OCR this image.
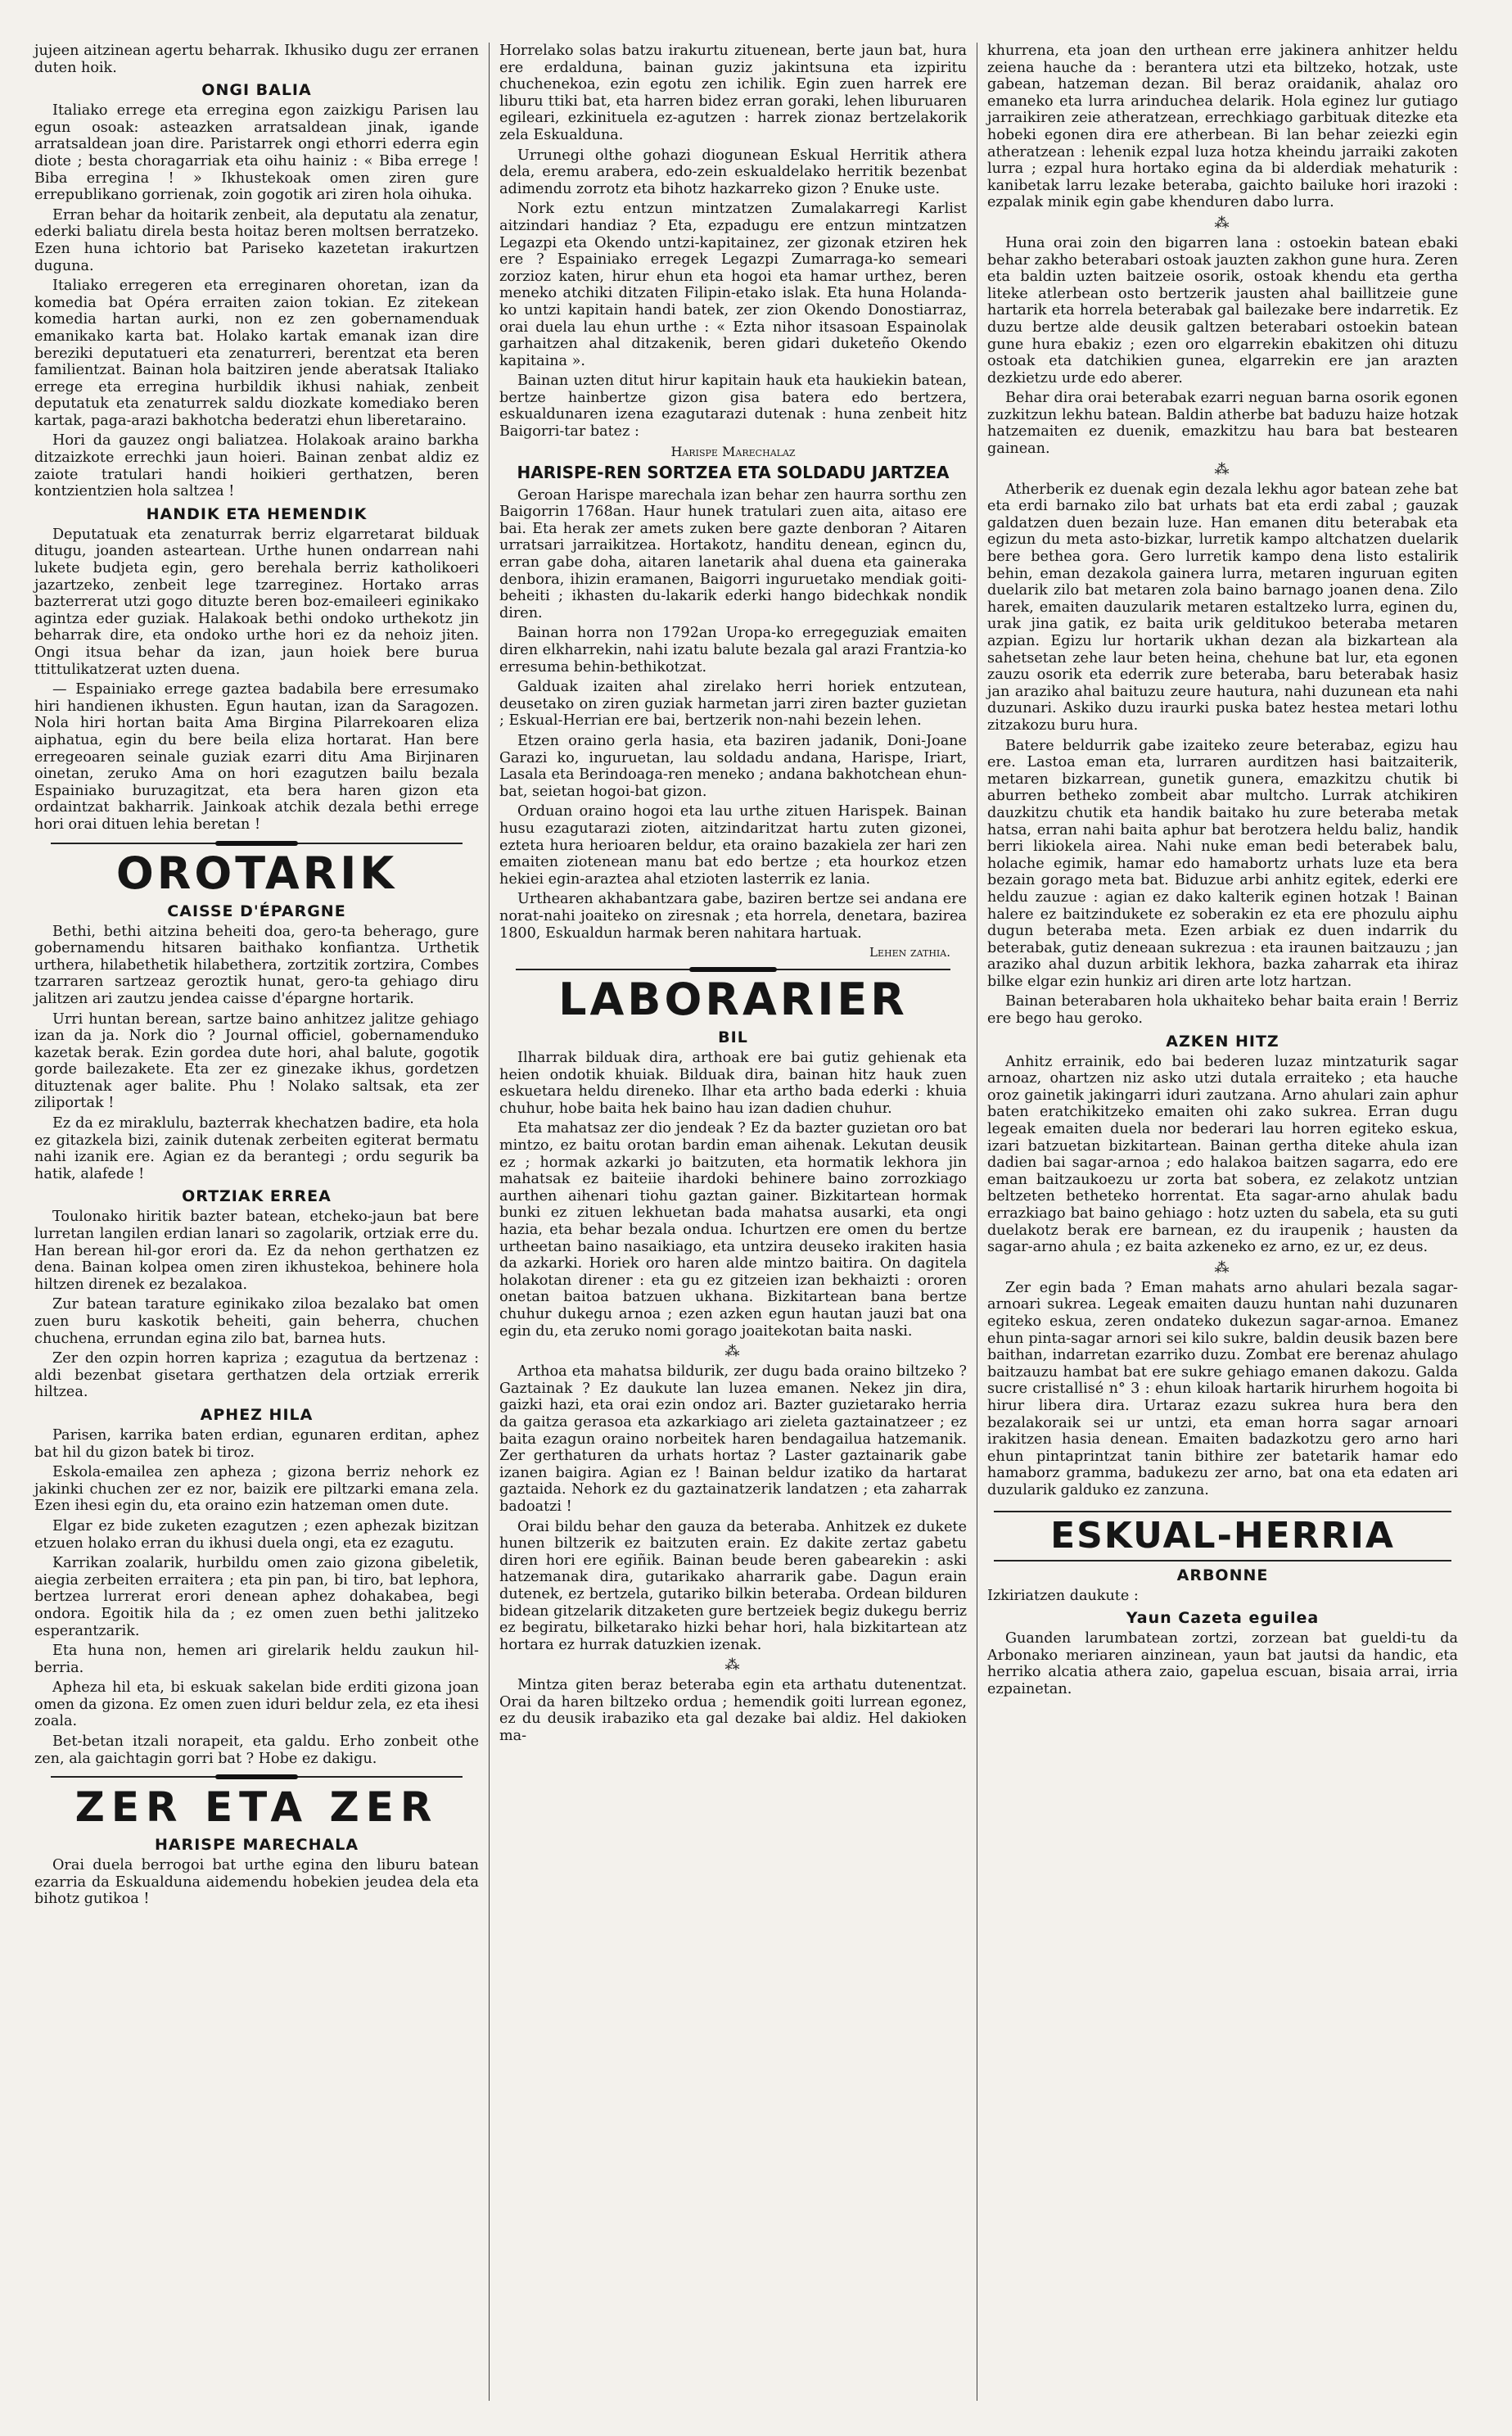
jujeen aitzinean agertu beharrak. Ikhusiko dugu zer erranen duten hoik.

ONGI BALIA

Italiako errege eta erregina egon zaizkigu Parisen lau egun osoak: asteazken arratsaldean jinak, igande arratsaldean joan dire. Paristarrek ongi ethorri ederra egin diote ; besta choragarriak eta oihu hainiz : « Biba errege ! Biba erregina ! » Ikhustekoak omen ziren gure errepublikano gorrienak, zoin gogotik ari ziren hola oihuka.

Erran behar da hoitarik zenbeit, ala deputatu ala zenatur, ederki baliatu direla besta hoitaz beren moltsen berratzeko. Ezen huna ichtorio bat Pariseko kazetetan irakurtzen duguna.

Italiako erregeren eta erreginaren ohoretan, izan da komedia bat Opéra erraiten zaion tokian. Ez zitekean komedia hartan aurki, non ez zen gobernamenduak emanikako karta bat. Holako kartak emanak izan dire bereziki deputatueri eta zenaturreri, berentzat eta beren familientzat. Bainan hola baitziren jende aberatsak Italiako errege eta erregina hurbildik ikhusi nahiak, zenbeit deputatuk eta zenaturrek saldu diozkate komediako beren kartak, paga-arazi bakhotcha bederatzi ehun liberetaraino.

Hori da gauzez ongi baliatzea. Holakoak araino barkha ditzaizkote errechki jaun hoieri. Bainan zenbat aldiz ez zaiote tratulari handi hoikieri gerthatzen, beren kontzientzien hola saltzea !

HANDIK ETA HEMENDIK

Deputatuak eta zenaturrak berriz elgarretarat bilduak ditugu, joanden asteartean. Urthe hunen ondarrean nahi lukete budjeta egin, gero berehala berriz katholikoeri jazartzeko, zenbeit lege tzarreginez. Hortako arras bazterrerat utzi gogo dituzte beren boz-emaileeri eginikako agintza eder guziak. Halakoak bethi ondoko urthekotz jin beharrak dire, eta ondoko urthe hori ez da nehoiz jiten. Ongi itsua behar da izan, jaun hoiek bere burua ttittulikatzerat uzten duena.

— Espainiako errege gaztea badabila bere erresumako hiri handienen ikhusten. Egun hautan, izan da Saragozen. Nola hiri hortan baita Ama Birgina Pilarrekoaren eliza aiphatua, egin du bere beila eliza hortarat. Han bere erregeoaren seinale guziak ezarri ditu Ama Birjinaren oinetan, zeruko Ama on hori ezagutzen bailu bezala Espainiako buruzagitzat, eta bera haren gizon eta ordaintzat bakharrik. Jainkoak atchik dezala bethi errege hori orai dituen lehia beretan !

OROTARIK
CAISSE D'ÉPARGNE

Bethi, bethi aitzina beheiti doa, gero-ta beherago, gure gobernamendu hitsaren baithako konfiantza. Urthetik urthera, hilabethetik hilabethera, zortzitik zortzira, Combes tzarraren sartzeaz geroztik hunat, gero-ta gehiago diru jalitzen ari zautzu jendea caisse d'épargne hortarik.

Urri huntan berean, sartze baino anhitzez jalitze gehiago izan da ja. Nork dio ? Journal officiel, gobernamenduko kazetak berak. Ezin gordea dute hori, ahal balute, gogotik gorde bailezakete. Eta zer ez ginezake ikhus, gordetzen dituztenak ager balite. Phu ! Nolako saltsak, eta zer ziliportak !

Ez da ez miraklulu, bazterrak khechatzen badire, eta hola ez gitazkela bizi, zainik dutenak zerbeiten egiterat bermatu nahi izanik ere. Agian ez da berantegi ; ordu segurik ba hatik, alafede !

ORTZIAK ERREA

Toulonako hiritik bazter batean, etcheko-jaun bat bere lurretan langilen erdian lanari so zagolarik, ortziak erre du. Han berean hil-gor erori da. Ez da nehon gerthatzen ez dena. Bainan kolpea omen ziren ikhustekoa, behinere hola hiltzen direnek ez bezalakoa.

Zur batean tarature eginikako ziloa bezalako bat omen zuen buru kaskotik beheiti, gain beherra, chuchen chuchena, errundan egina zilo bat, barnea huts.

Zer den ozpin horren kapriza ; ezagutua da bertzenaz : aldi bezenbat gisetara gerthatzen dela ortziak errerik hiltzea.

APHEZ HILA

Parisen, karrika baten erdian, egunaren erditan, aphez bat hil du gizon batek bi tiroz.

Eskola-emailea zen apheza ; gizona berriz nehork ez jakinki chuchen zer ez nor, baizik ere piltzarki emana zela. Ezen ihesi egin du, eta oraino ezin hatzeman omen dute.

Elgar ez bide zuketen ezagutzen ; ezen aphezak bizitzan etzuen holako erran du ikhusi duela ongi, eta ez ezagutu.

Karrikan zoalarik, hurbildu omen zaio gizona gibeletik, aiegia zerbeiten erraitera ; eta pin pan, bi tiro, bat lephora, bertzea lurrerat erori denean aphez dohakabea, begi ondora. Egoitik hila da ; ez omen zuen bethi jalitzeko esperantzarik.

Eta huna non, hemen ari girelarik heldu zaukun hil-berria.

Apheza hil eta, bi eskuak sakelan bide erditi gizona joan omen da gizona. Ez omen zuen iduri beldur zela, ez eta ihesi zoala.

Bet-betan itzali norapeit, eta galdu. Erho zonbeit othe zen, ala gaichtagin gorri bat ? Hobe ez dakigu.

ZER ETA ZER
HARISPE MARECHALA

Orai duela berrogoi bat urthe egina den liburu batean ezarria da Eskualduna aidemendu hobekien jeudea dela eta bihotz gutikoa !

Horrelako solas batzu irakurtu zituenean, berte jaun bat, hura ere erdalduna, bainan guziz jakintsuna eta izpiritu chuchenekoa, ezin egotu zen ichilik. Egin zuen harrek ere liburu ttiki bat, eta harren bidez erran goraki, lehen liburuaren egileari, ezkinituela ez-agutzen : harrek zionaz bertzelakorik zela Eskualduna.

Urrunegi olthe gohazi diogunean Eskual Herritik athera dela, eremu arabera, edo-zein eskualdelako herritik bezenbat adimendu zorrotz eta bihotz hazkarreko gizon ? Enuke uste.

Nork eztu entzun mintzatzen Zumalakarregi Karlist aitzindari handiaz ? Eta, ezpadugu ere entzun mintzatzen Legazpi eta Okendo untzi-kapitainez, zer gizonak etziren hek ere ? Espainiako erregek Legazpi Zumarraga-ko semeari zorzioz katen, hirur ehun eta hogoi eta hamar urthez, beren meneko atchiki ditzaten Filipin-etako islak. Eta huna Holanda-ko untzi kapitain handi batek, zer zion Okendo Donostiarraz, orai duela lau ehun urthe : « Ezta nihor itsasoan Espainolak garhaitzen ahal ditzakenik, beren gidari duketeño Okendo kapitaina ».

Bainan uzten ditut hirur kapitain hauk eta haukiekin batean, bertze hainbertze gizon gisa batera edo bertzera, eskualdunaren izena ezagutarazi dutenak : huna zenbeit hitz Baigorri-tar batez :

Harispe Marechalaz
HARISPE-REN SORTZEA ETA SOLDADU JARTZEA

Geroan Harispe marechala izan behar zen haurra sorthu zen Baigorrin 1768an. Haur hunek tratulari zuen aita, aitaso ere bai. Eta herak zer amets zuken bere gazte denboran ? Aitaren urratsari jarraikitzea. Hortakotz, handitu denean, egincn du, erran gabe doha, aitaren lanetarik ahal duena eta gaineraka denbora, ihizin eramanen, Baigorri inguruetako mendiak goiti-beheiti ; ikhasten du-lakarik ederki hango bidechkak nondik diren.

Bainan horra non 1792an Uropa-ko erregeguziak emaiten diren elkharrekin, nahi izatu balute bezala gal arazi Frantzia-ko erresuma behin-bethikotzat.

Galduak izaiten ahal zirelako herri horiek entzutean, deusetako on ziren guziak harmetan jarri ziren bazter guzietan ; Eskual-Herrian ere bai, bertzerik non-nahi bezein lehen.

Etzen oraino gerla hasia, eta baziren jadanik, Doni-Joane Garazi ko, inguruetan, lau soldadu andana, Harispe, Iriart, Lasala eta Berindoaga-ren meneko ; andana bakhotchean ehun-bat, seietan hogoi-bat gizon.

Orduan oraino hogoi eta lau urthe zituen Harispek. Bainan husu ezagutarazi zioten, aitzindaritzat hartu zuten gizonei, ezteta hura herioaren beldur, eta oraino bazakiela zer hari zen emaiten ziotenean manu bat edo bertze ; eta hourkoz etzen hekiei egin-araztea ahal etzioten lasterrik ez lania.

Urthearen akhabantzara gabe, baziren bertze sei andana ere norat-nahi joaiteko on ziresnak ; eta horrela, denetara, bazirea 1800, Eskualdun harmak beren nahitara hartuak.

Lehen zathia.
LABORARIER
BIL

Ilharrak bilduak dira, arthoak ere bai gutiz gehienak eta heien ondotik khuiak. Bilduak dira, bainan hitz hauk zuen eskuetara heldu direneko. Ilhar eta artho bada ederki : khuia chuhur, hobe baita hek baino hau izan dadien chuhur.

Eta mahatsaz zer dio jendeak ? Ez da bazter guzietan oro bat mintzo, ez baitu orotan bardin eman aihenak. Lekutan deusik ez ; hormak azkarki jo baitzuten, eta hormatik lekhora jin mahatsak ez baiteiie ihardoki behinere baino zorrozkiago aurthen aihenari tiohu gaztan gainer. Bizkitartean hormak bunki ez zituen lekhuetan bada mahatsa ausarki, eta ongi hazia, eta behar bezala ondua. Ichurtzen ere omen du bertze urtheetan baino nasaikiago, eta untzira deuseko irakiten hasia da azkarki. Horiek oro haren alde mintzo baitira. On dagitela holakotan direner : eta gu ez gitzeien izan bekhaizti : ororen onetan baitoa batzuen ukhana. Bizkitartean bana bertze chuhur dukegu arnoa ; ezen azken egun hautan jauzi bat ona egin du, eta zeruko nomi gorago joaitekotan baita naski.

⁂

Arthoa eta mahatsa bildurik, zer dugu bada oraino biltzeko ? Gaztainak ? Ez daukute lan luzea emanen. Nekez jin dira, gaizki hazi, eta orai ezin ondoz ari. Bazter guzietarako herria da gaitza gerasoa eta azkarkiago ari zieleta gaztainatzeer ; ez baita ezagun oraino norbeitek haren bendagailua hatzemanik. Zer gerthaturen da urhats hortaz ? Laster gaztainarik gabe izanen baigira. Agian ez ! Bainan beldur izatiko da hartarat gaztaida. Nehork ez du gaztainatzerik landatzen ; eta zaharrak badoatzi !

Orai bildu behar den gauza da beteraba. Anhitzek ez dukete hunen biltzerik ez baitzuten erain. Ez dakite zertaz gabetu diren hori ere egiñik. Bainan beude beren gabearekin : aski hatzemanak dira, gutarikako aharrarik gabe. Dagun erain dutenek, ez bertzela, gutariko bilkin beteraba. Ordean bilduren bidean gitzelarik ditzaketen gure bertzeiek begiz dukegu berriz ez begiratu, bilketarako hizki behar hori, hala bizkitartean atz hortara ez hurrak datuzkien izenak.

⁂

Mintza giten beraz beteraba egin eta arthatu dutenentzat. Orai da haren biltzeko ordua ; hemendik goiti lurrean egonez, ez du deusik irabaziko eta gal dezake bai aldiz. Hel dakioken ma-

khurrena, eta joan den urthean erre jakinera anhitzer heldu zeiena hauche da : berantera utzi eta biltzeko, hotzak, uste gabean, hatzeman dezan. Bil beraz oraidanik, ahalaz oro emaneko eta lurra arinduchea delarik. Hola eginez lur gutiago jarraikiren zeie atheratzean, errechkiago garbituak ditezke eta hobeki egonen dira ere atherbean. Bi lan behar zeiezki egin atheratzean : lehenik ezpal luza hotza kheindu jarraiki zakoten lurra ; ezpal hura hortako egina da bi alderdiak mehaturik : kanibetak larru lezake beteraba, gaichto bailuke hori irazoki : ezpalak minik egin gabe khenduren dabo lurra.

⁂

Huna orai zoin den bigarren lana : ostoekin batean ebaki behar zakho beterabari ostoak jauzten zakhon gune hura. Zeren eta baldin uzten baitzeie osorik, ostoak khendu eta gertha liteke atlerbean osto bertzerik jausten ahal baillitzeie gune hartarik eta horrela beterabak gal bailezake bere indarretik. Ez duzu bertze alde deusik galtzen beterabari ostoekin batean gune hura ebakiz ; ezen oro elgarrekin ebakitzen ohi dituzu ostoak eta datchikien gunea, elgarrekin ere jan arazten dezkietzu urde edo aberer.

Behar dira orai beterabak ezarri neguan barna osorik egonen zuzkitzun lekhu batean. Baldin atherbe bat baduzu haize hotzak hatzemaiten ez duenik, emazkitzu hau bara bat bestearen gainean.

⁂

Atherberik ez duenak egin dezala lekhu agor batean zehe bat eta erdi barnako zilo bat urhats bat eta erdi zabal ; gauzak galdatzen duen bezain luze. Han emanen ditu beterabak eta egizun du meta asto-bizkar, lurretik kampo altchatzen duelarik bere bethea gora. Gero lurretik kampo dena listo estalirik behin, eman dezakola gainera lurra, metaren inguruan egiten duelarik zilo bat metaren zola baino barnago joanen dena. Zilo harek, emaiten dauzularik metaren estaltzeko lurra, eginen du, urak jina gatik, ez baita urik gelditukoo beteraba metaren azpian. Egizu lur hortarik ukhan dezan ala bizkartean ala sahetsetan zehe laur beten heina, chehune bat lur, eta egonen zauzu osorik eta ederrik zure beteraba, baru beterabak hasiz jan araziko ahal baituzu zeure hautura, nahi duzunean eta nahi duzunari. Askiko duzu iraurki puska batez hestea metari lothu zitzakozu buru hura.

Batere beldurrik gabe izaiteko zeure beterabaz, egizu hau ere. Lastoa eman eta, lurraren aurditzen hasi baitzaiterik, metaren bizkarrean, gunetik gunera, emazkitzu chutik bi aburren betheko zombeit abar multcho. Lurrak atchikiren dauzkitzu chutik eta handik baitako hu zure beteraba metak hatsa, erran nahi baita aphur bat berotzera heldu baliz, handik berri likiokela airea. Nahi nuke eman bedi beterabek balu, holache egimik, hamar edo hamabortz urhats luze eta bera bezain gorago meta bat. Biduzue arbi anhitz egitek, ederki ere heldu zauzue : agian ez dako kalterik eginen hotzak ! Bainan halere ez baitzindukete ez soberakin ez eta ere phozulu aiphu dugun beteraba meta. Ezen arbiak ez duen indarrik du beterabak, gutiz deneaan sukrezua : eta iraunen baitzauzu ; jan araziko ahal duzun arbitik lekhora, bazka zaharrak eta ihiraz bilke elgar ezin hunkiz ari diren arte lotz hartzan.

Bainan beterabaren hola ukhaiteko behar baita erain ! Berriz ere bego hau geroko.

AZKEN HITZ

Anhitz errainik, edo bai bederen luzaz mintzaturik sagar arnoaz, ohartzen niz asko utzi dutala erraiteko ; eta hauche oroz gainetik jakingarri iduri zautzana. Arno ahulari zain aphur baten eratchikitzeko emaiten ohi zako sukrea. Erran dugu legeak emaiten duela nor bederari lau horren egiteko eskua, izari batzuetan bizkitartean. Bainan gertha diteke ahula izan dadien bai sagar-arnoa ; edo halakoa baitzen sagarra, edo ere eman baitzaukoezu ur zorta bat sobera, ez zelakotz untzian beltzeten betheteko horrentat. Eta sagar-arno ahulak badu errazkiago bat baino gehiago : hotz uzten du sabela, eta su guti duelakotz berak ere barnean, ez du iraupenik ; hausten da sagar-arno ahula ; ez baita azkeneko ez arno, ez ur, ez deus.

⁂

Zer egin bada ? Eman mahats arno ahulari bezala sagar-arnoari sukrea. Legeak emaiten dauzu huntan nahi duzunaren egiteko eskua, zeren ondateko dukezun sagar-arnoa. Emanez ehun pinta-sagar arnori sei kilo sukre, baldin deusik bazen bere baithan, indarretan ezarriko duzu. Zombat ere berenaz ahulago baitzauzu hambat bat ere sukre gehiago emanen dakozu. Galda sucre cristallisé n° 3 : ehun kiloak hartarik hirurhem hogoita bi hirur libera dira. Urtaraz ezazu sukrea hura bera den bezalakoraik sei ur untzi, eta eman horra sagar arnoari irakitzen hasia denean. Emaiten badazkotzu gero arno hari ehun pintaprintzat tanin bithire zer batetarik hamar edo hamaborz gramma, badukezu zer arno, bat ona eta edaten ari duzularik galduko ez zanzuna.

ESKUAL-HERRIA
ARBONNE

Izkiriatzen daukute :

Yaun Cazeta eguilea

Guanden larumbatean zortzi, zorzean bat gueldi-tu da Arbonako meriaren ainzinean, yaun bat jautsi da handic, eta herriko alcatia athera zaio, gapelua escuan, bisaia arrai, irria ezpainetan.
